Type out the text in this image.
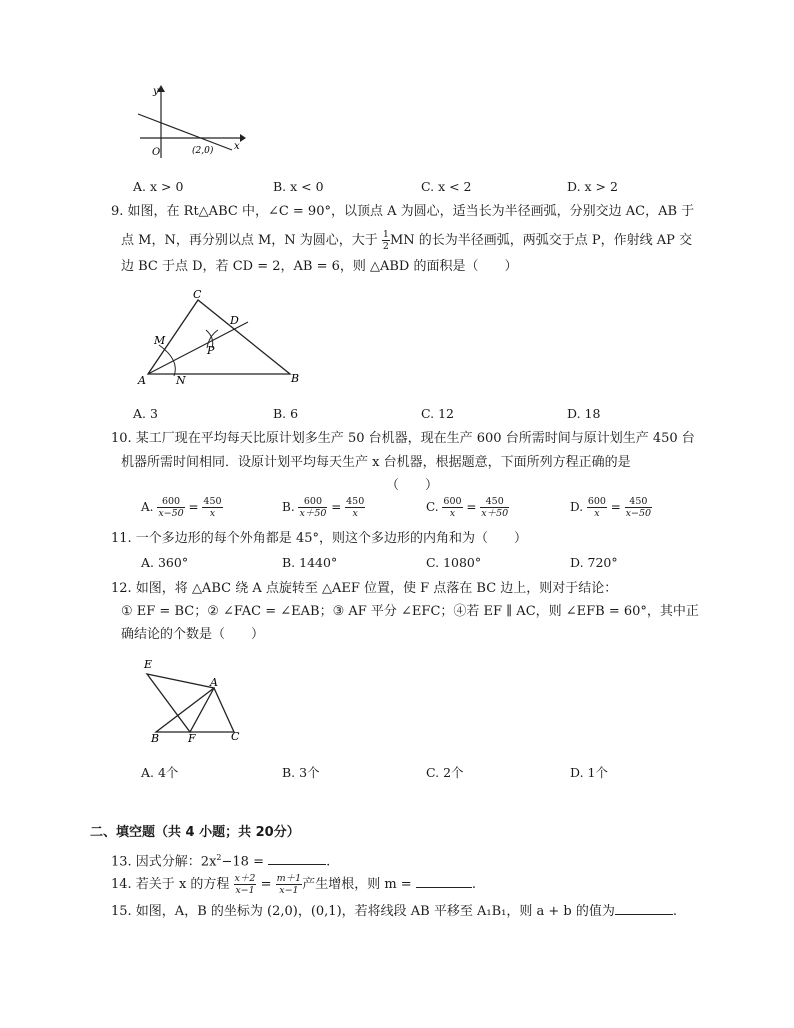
y
x
O	(2,0)
A. x > 0	B. x < 0	C. x < 2	D. x > 2
9. 如图，在 Rt△ABC 中，∠C = 90°，以顶点 A 为圆心，适当长为半径画弧，分别交边 AC，AB 于
点 M，N，再分别以点 M，N 为圆心，大于 $\frac{1}{2}$ MN 的长为半径画弧，两弧交于点 P，作射线 AP 交
边 BC 于点 D，若 CD = 2，AB = 6，则 △ABD 的面积是（　　）
C
D
M
P
A	N	B
A. 3	B. 6	C. 12	D. 18
10. 某工厂现在平均每天比原计划多生产 50 台机器，现在生产 600 台所需时间与原计划生产 450 台
机器所需时间相同．设原计划平均每天生产 x 台机器，根据题意，下面所列方程正确的是
（　　）
A. $\frac{600}{x-50} = \frac{450}{x}$	B. $\frac{600}{x+50} = \frac{450}{x}$	C. $\frac{600}{x} = \frac{450}{x+50}$	D. $\frac{600}{x} = \frac{450}{x-50}$
11. 一个多边形的每个外角都是 45°，则这个多边形的内角和为（　　）
A. 360°	B. 1440°	C. 1080°	D. 720°
12. 如图，将 △ABC 绕 A 点旋转至 △AEF 位置，使 F 点落在 BC 边上，则对于结论：
① EF = BC；② ∠FAC = ∠EAB；③ AF 平分 ∠EFC；④若 EF ∥ AC，则 ∠EFB = 60°，其中正
确结论的个数是（　　）
E
A
B	F	C
A. 4个	B. 3个	C. 2个	D. 1个
二、填空题（共 4 小题；共 20分）
13. 因式分解：$2x^2-18$ =	.
14. 若关于 x 的方程 $\frac{x+2}{x-1} = \frac{m+1}{x-1}$ 产生增根，则 m =	.
15. 如图，A，B 的坐标为 (2,0)，(0,1)，若将线段 AB 平移至 A₁B₁，则 a + b 的值为	.
